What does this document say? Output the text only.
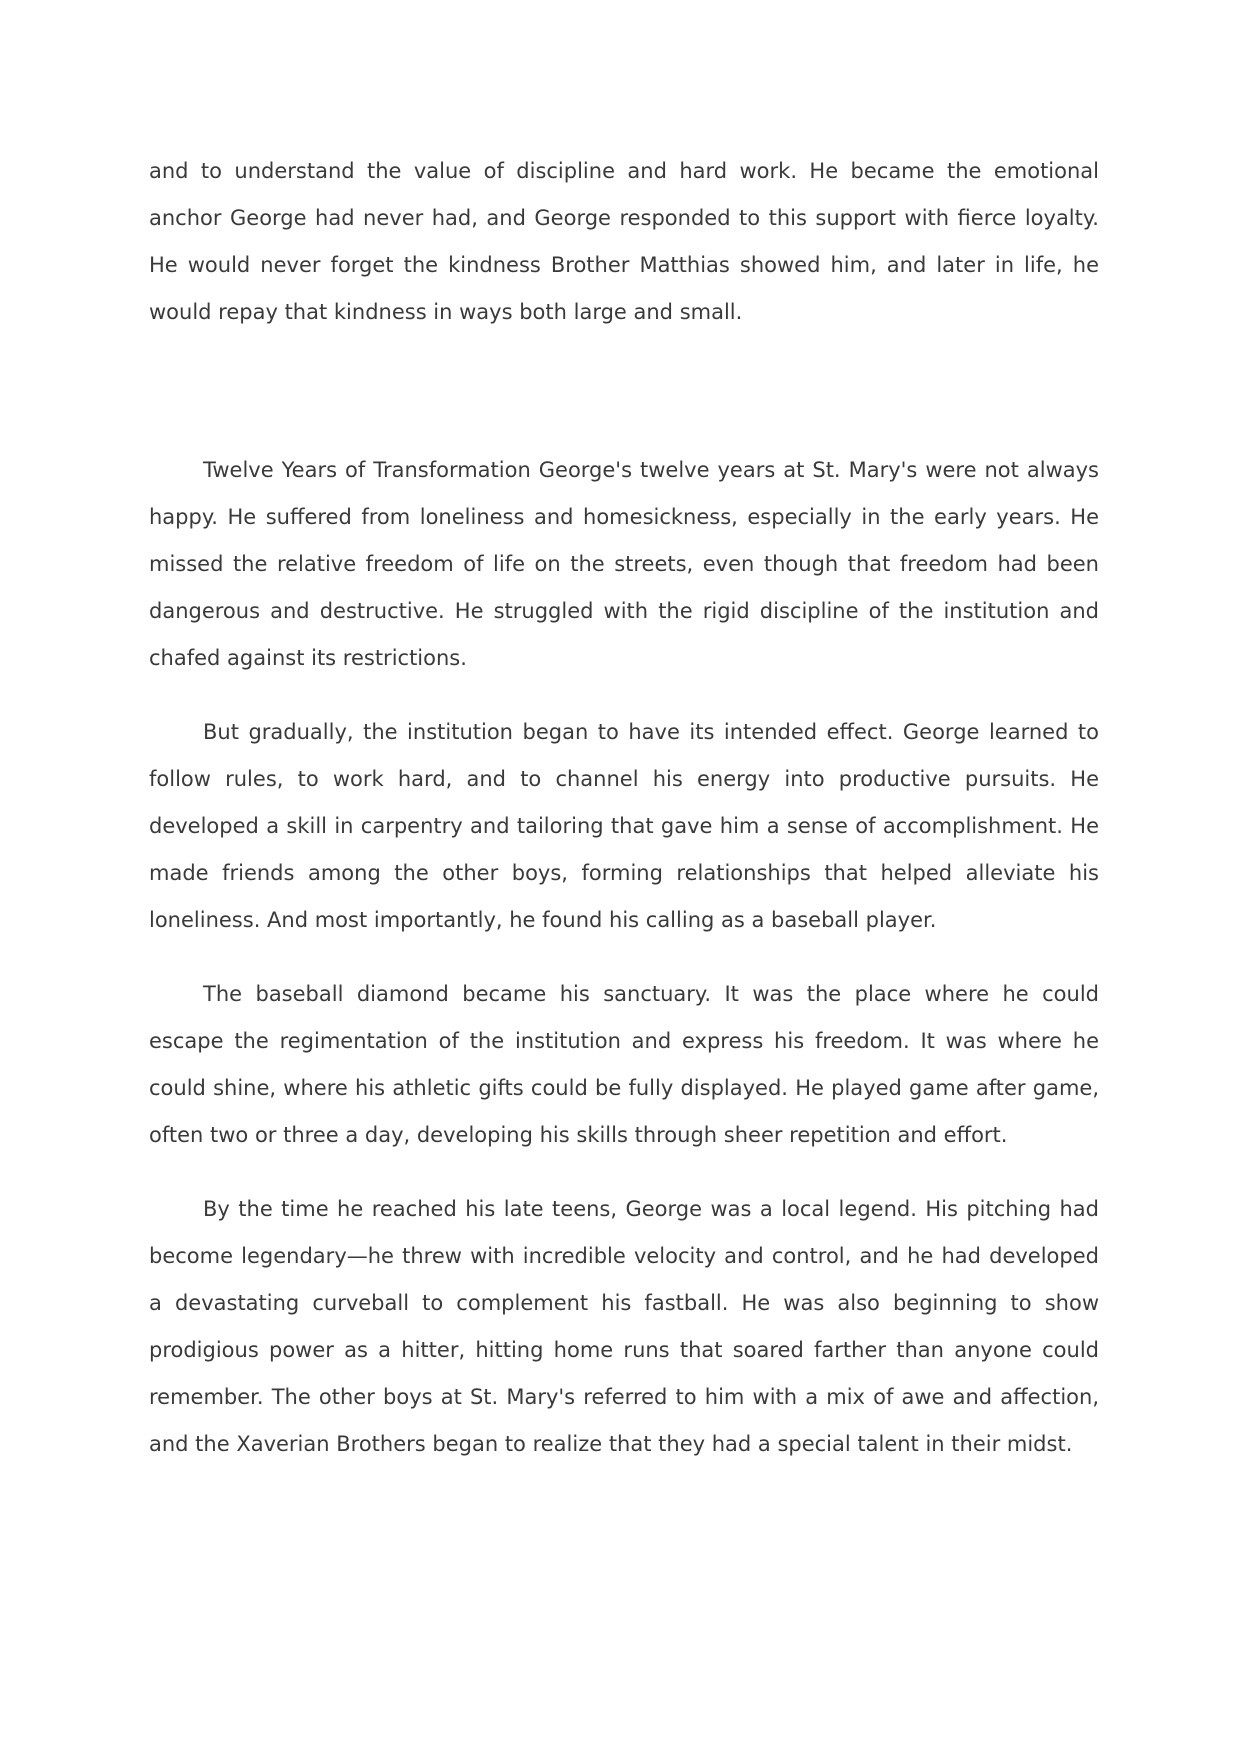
and to understand the value of discipline and hard work. He became the emotional anchor George had never had, and George responded to this support with fierce loyalty. He would never forget the kindness Brother Matthias showed him, and later in life, he would repay that kindness in ways both large and small.

Twelve Years of Transformation George's twelve years at St. Mary's were not always happy. He suffered from loneliness and homesickness, especially in the early years. He missed the relative freedom of life on the streets, even though that freedom had been dangerous and destructive. He struggled with the rigid discipline of the institution and chafed against its restrictions.

But gradually, the institution began to have its intended effect. George learned to follow rules, to work hard, and to channel his energy into productive pursuits. He developed a skill in carpentry and tailoring that gave him a sense of accomplishment. He made friends among the other boys, forming relationships that helped alleviate his loneliness. And most importantly, he found his calling as a baseball player.

The baseball diamond became his sanctuary. It was the place where he could escape the regimentation of the institution and express his freedom. It was where he could shine, where his athletic gifts could be fully displayed. He played game after game, often two or three a day, developing his skills through sheer repetition and effort.

By the time he reached his late teens, George was a local legend. His pitching had become legendary—he threw with incredible velocity and control, and he had developed a devastating curveball to complement his fastball. He was also beginning to show prodigious power as a hitter, hitting home runs that soared farther than anyone could remember. The other boys at St. Mary's referred to him with a mix of awe and affection, and the Xaverian Brothers began to realize that they had a special talent in their midst.
